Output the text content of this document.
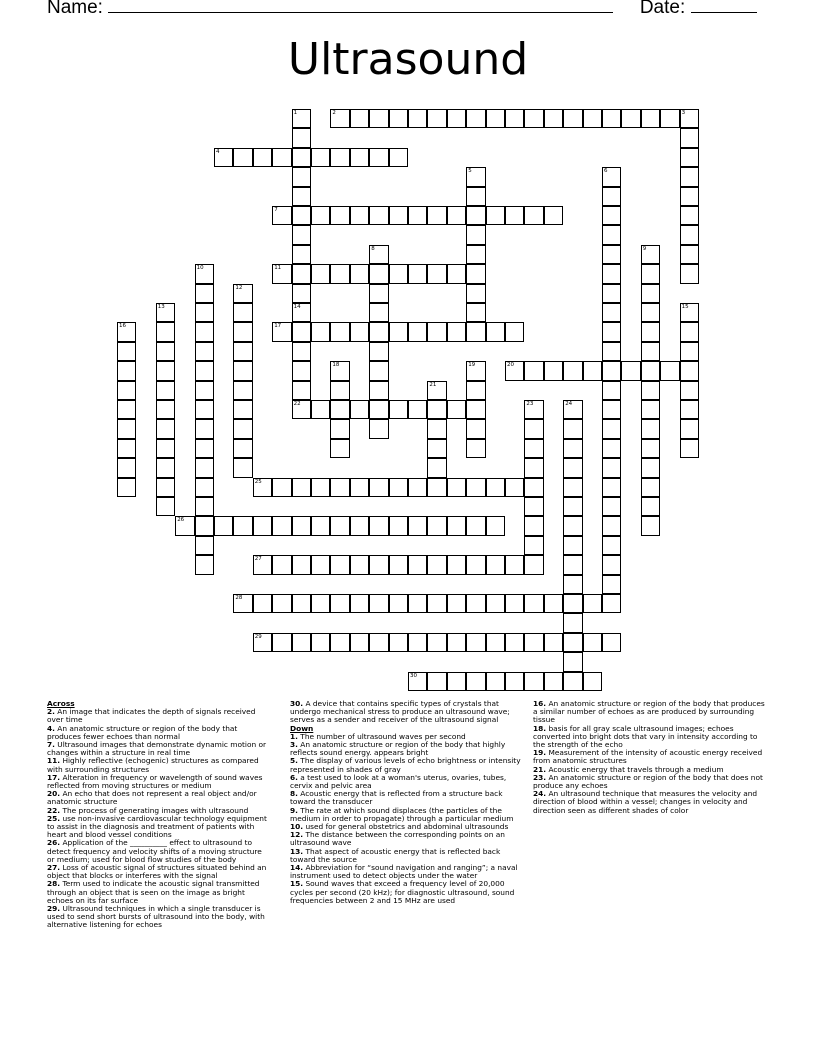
Name:	Date:
Ultrasound
2	3
4
7
11
17
20
22
25
26
27
28
29
30
1
14
5	6
8	9
10
12
13	15
16
18	19
21
23	24
Across
2. An image that indicates the depth of signals received over time
4. An anatomic structure or region of the body that produces fewer echoes than normal
7. Ultrasound images that demonstrate dynamic motion or changes within a structure in real time
11. Highly reflective (echogenic) structures as compared with surrounding structures
17. Alteration in frequency or wavelength of sound waves reflected from moving structures or medium
20. An echo that does not represent a real object and/or anatomic structure
22. The process of generating images with ultrasound
25. use non-invasive cardiovascular technology equipment to assist in the diagnosis and treatment of patients with heart and blood vessel conditions
26. Application of the __________ effect to ultrasound to detect frequency and velocity shifts of a moving structure or medium; used for blood flow studies of the body
27. Loss of acoustic signal of structures situated behind an object that blocks or interferes with the signal
28. Term used to indicate the acoustic signal transmitted through an object that is seen on the image as bright echoes on its far surface
29. Ultrasound techniques in which a single transducer is used to send short bursts of ultrasound into the body, with alternative listening for echoes
30. A device that contains specific types of crystals that undergo mechanical stress to produce an ultrasound wave; serves as a sender and receiver of the ultrasound signal
Down
1. The number of ultrasound waves per second
3. An anatomic structure or region of the body that highly reflects sound energy. appears bright
5. The display of various levels of echo brightness or intensity represented in shades of gray
6. a test used to look at a woman's uterus, ovaries, tubes, cervix and pelvic area
8. Acoustic energy that is reflected from a structure back toward the transducer
9. The rate at which sound displaces (the particles of the medium in order to propagate) through a particular medium
10. used for general obstetrics and abdominal ultrasounds
12. The distance between the corresponding points on an ultrasound wave
13. That aspect of acoustic energy that is reflected back toward the source
14. Abbreviation for “sound navigation and ranging”; a naval instrument used to detect objects under the water
15. Sound waves that exceed a frequency level of 20,000 cycles per second (20 kHz); for diagnostic ultrasound, sound frequencies between 2 and 15 MHz are used
16. An anatomic structure or region of the body that produces a similar number of echoes as are produced by surrounding tissue
18. basis for all gray scale ultrasound images; echoes converted into bright dots that vary in intensity according to the strength of the echo
19. Measurement of the intensity of acoustic energy received from anatomic structures
21. Acoustic energy that travels through a medium
23. An anatomic structure or region of the body that does not produce any echoes
24. An ultrasound technique that measures the velocity and direction of blood within a vessel; changes in velocity and direction seen as different shades of color
